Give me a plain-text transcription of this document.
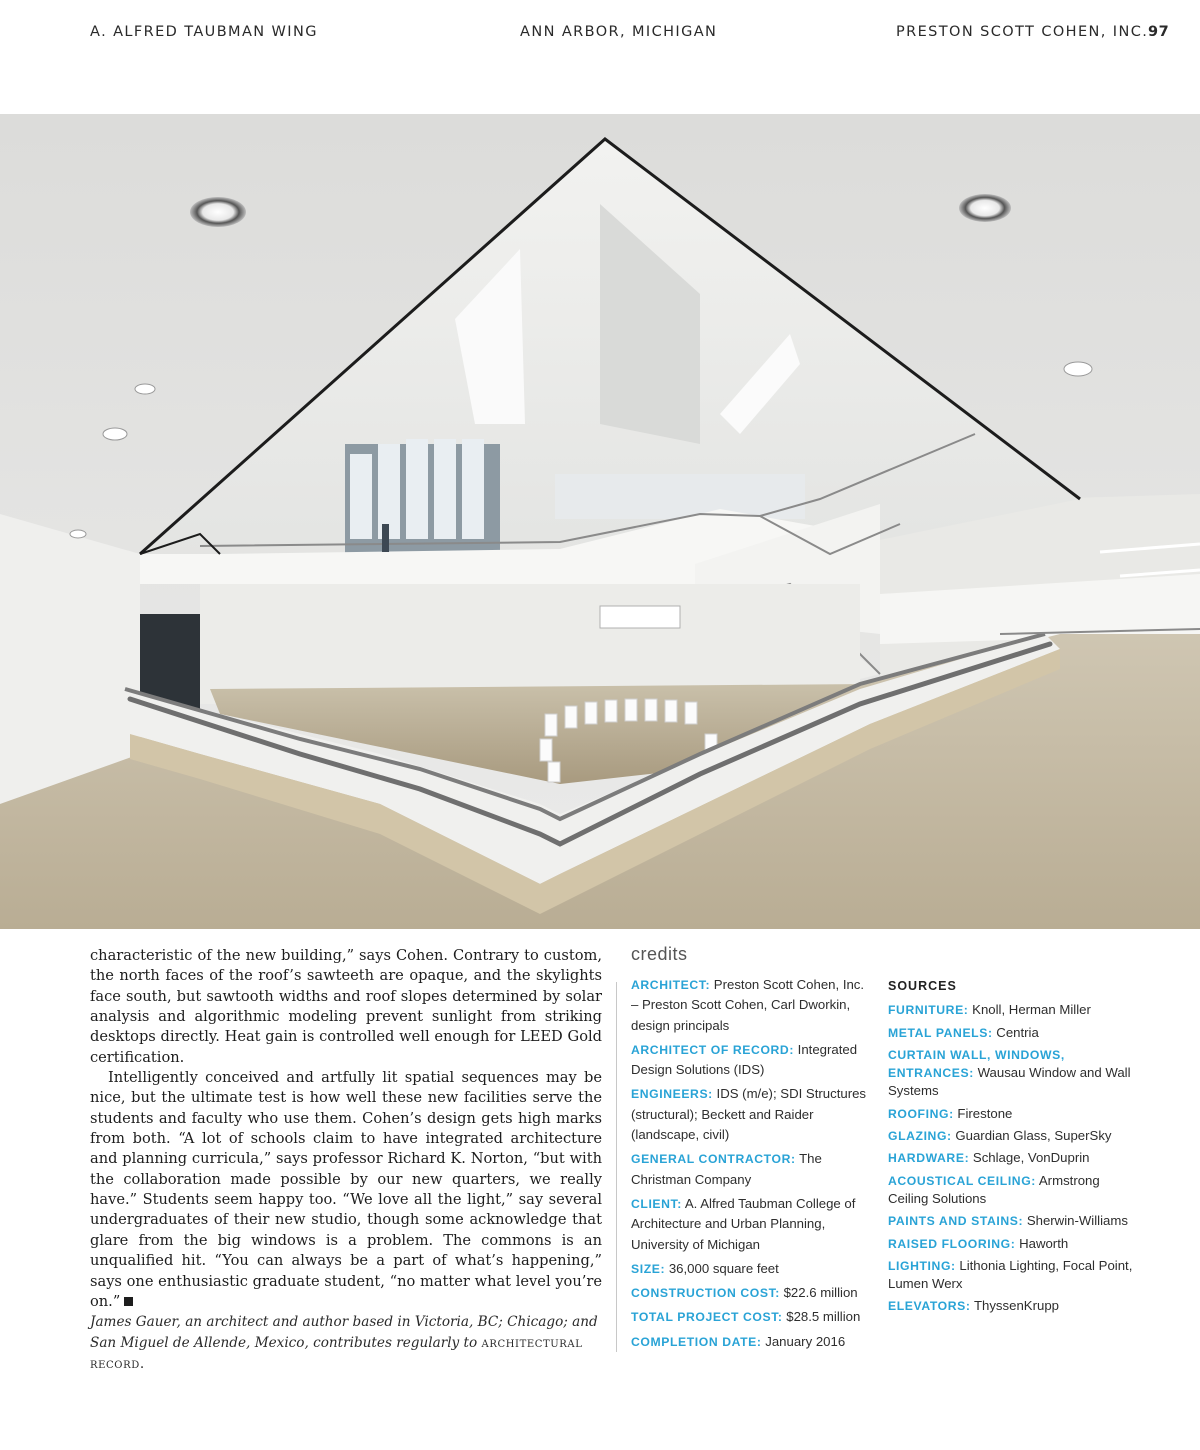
A. ALFRED TAUBMAN WING	ANN ARBOR, MICHIGAN	PRESTON SCOTT COHEN, INC. 97

characteristic of the new building,” says Cohen. Contrary to custom, the north faces of the roof’s sawteeth are opaque, and the skylights face south, but sawtooth widths and roof slopes determined by solar analysis and algorithmic modeling prevent sunlight from striking desktops directly. Heat gain is controlled well enough for LEED Gold certification.

Intelligently conceived and artfully lit spatial sequences may be nice, but the ultimate test is how well these new facilities serve the students and faculty who use them. Cohen’s design gets high marks from both. “A lot of schools claim to have integrated architecture and planning curricula,” says professor Richard K. Norton, “but with the collaboration made possible by our new quarters, we really have.” Students seem happy too. “We love all the light,” say several undergraduates of their new studio, though some acknowledge that glare from the big windows is a problem. The commons is an unqualified hit. “You can always be a part of what’s happening,” says one enthusiastic graduate student, “no matter what level you’re on.”

James Gauer, an architect and author based in Victoria, BC; Chicago; and San Miguel de Allende, Mexico, contributes regularly to architectural record.
credits
ARCHITECT: Preston Scott Cohen, Inc. – Preston Scott Cohen, Carl Dworkin, design principals
ARCHITECT OF RECORD: Integrated Design Solutions (IDS)
ENGINEERS: IDS (m/e); SDI Structures (structural); Beckett and Raider (landscape, civil)
GENERAL CONTRACTOR: The Christman Company
CLIENT: A. Alfred Taubman College of Architecture and Urban Planning, University of Michigan
SIZE: 36,000 square feet
CONSTRUCTION COST: $22.6 million
TOTAL PROJECT COST: $28.5 million
COMPLETION DATE: January 2016
SOURCES
FURNITURE: Knoll, Herman Miller
METAL PANELS: Centria
CURTAIN WALL, WINDOWS, ENTRANCES: Wausau Window and Wall Systems
ROOFING: Firestone
GLAZING: Guardian Glass, SuperSky
HARDWARE: Schlage, VonDuprin
ACOUSTICAL CEILING: Armstrong Ceiling Solutions
PAINTS AND STAINS: Sherwin-Williams
RAISED FLOORING: Haworth
LIGHTING: Lithonia Lighting, Focal Point, Lumen Werx
ELEVATORS: ThyssenKrupp
